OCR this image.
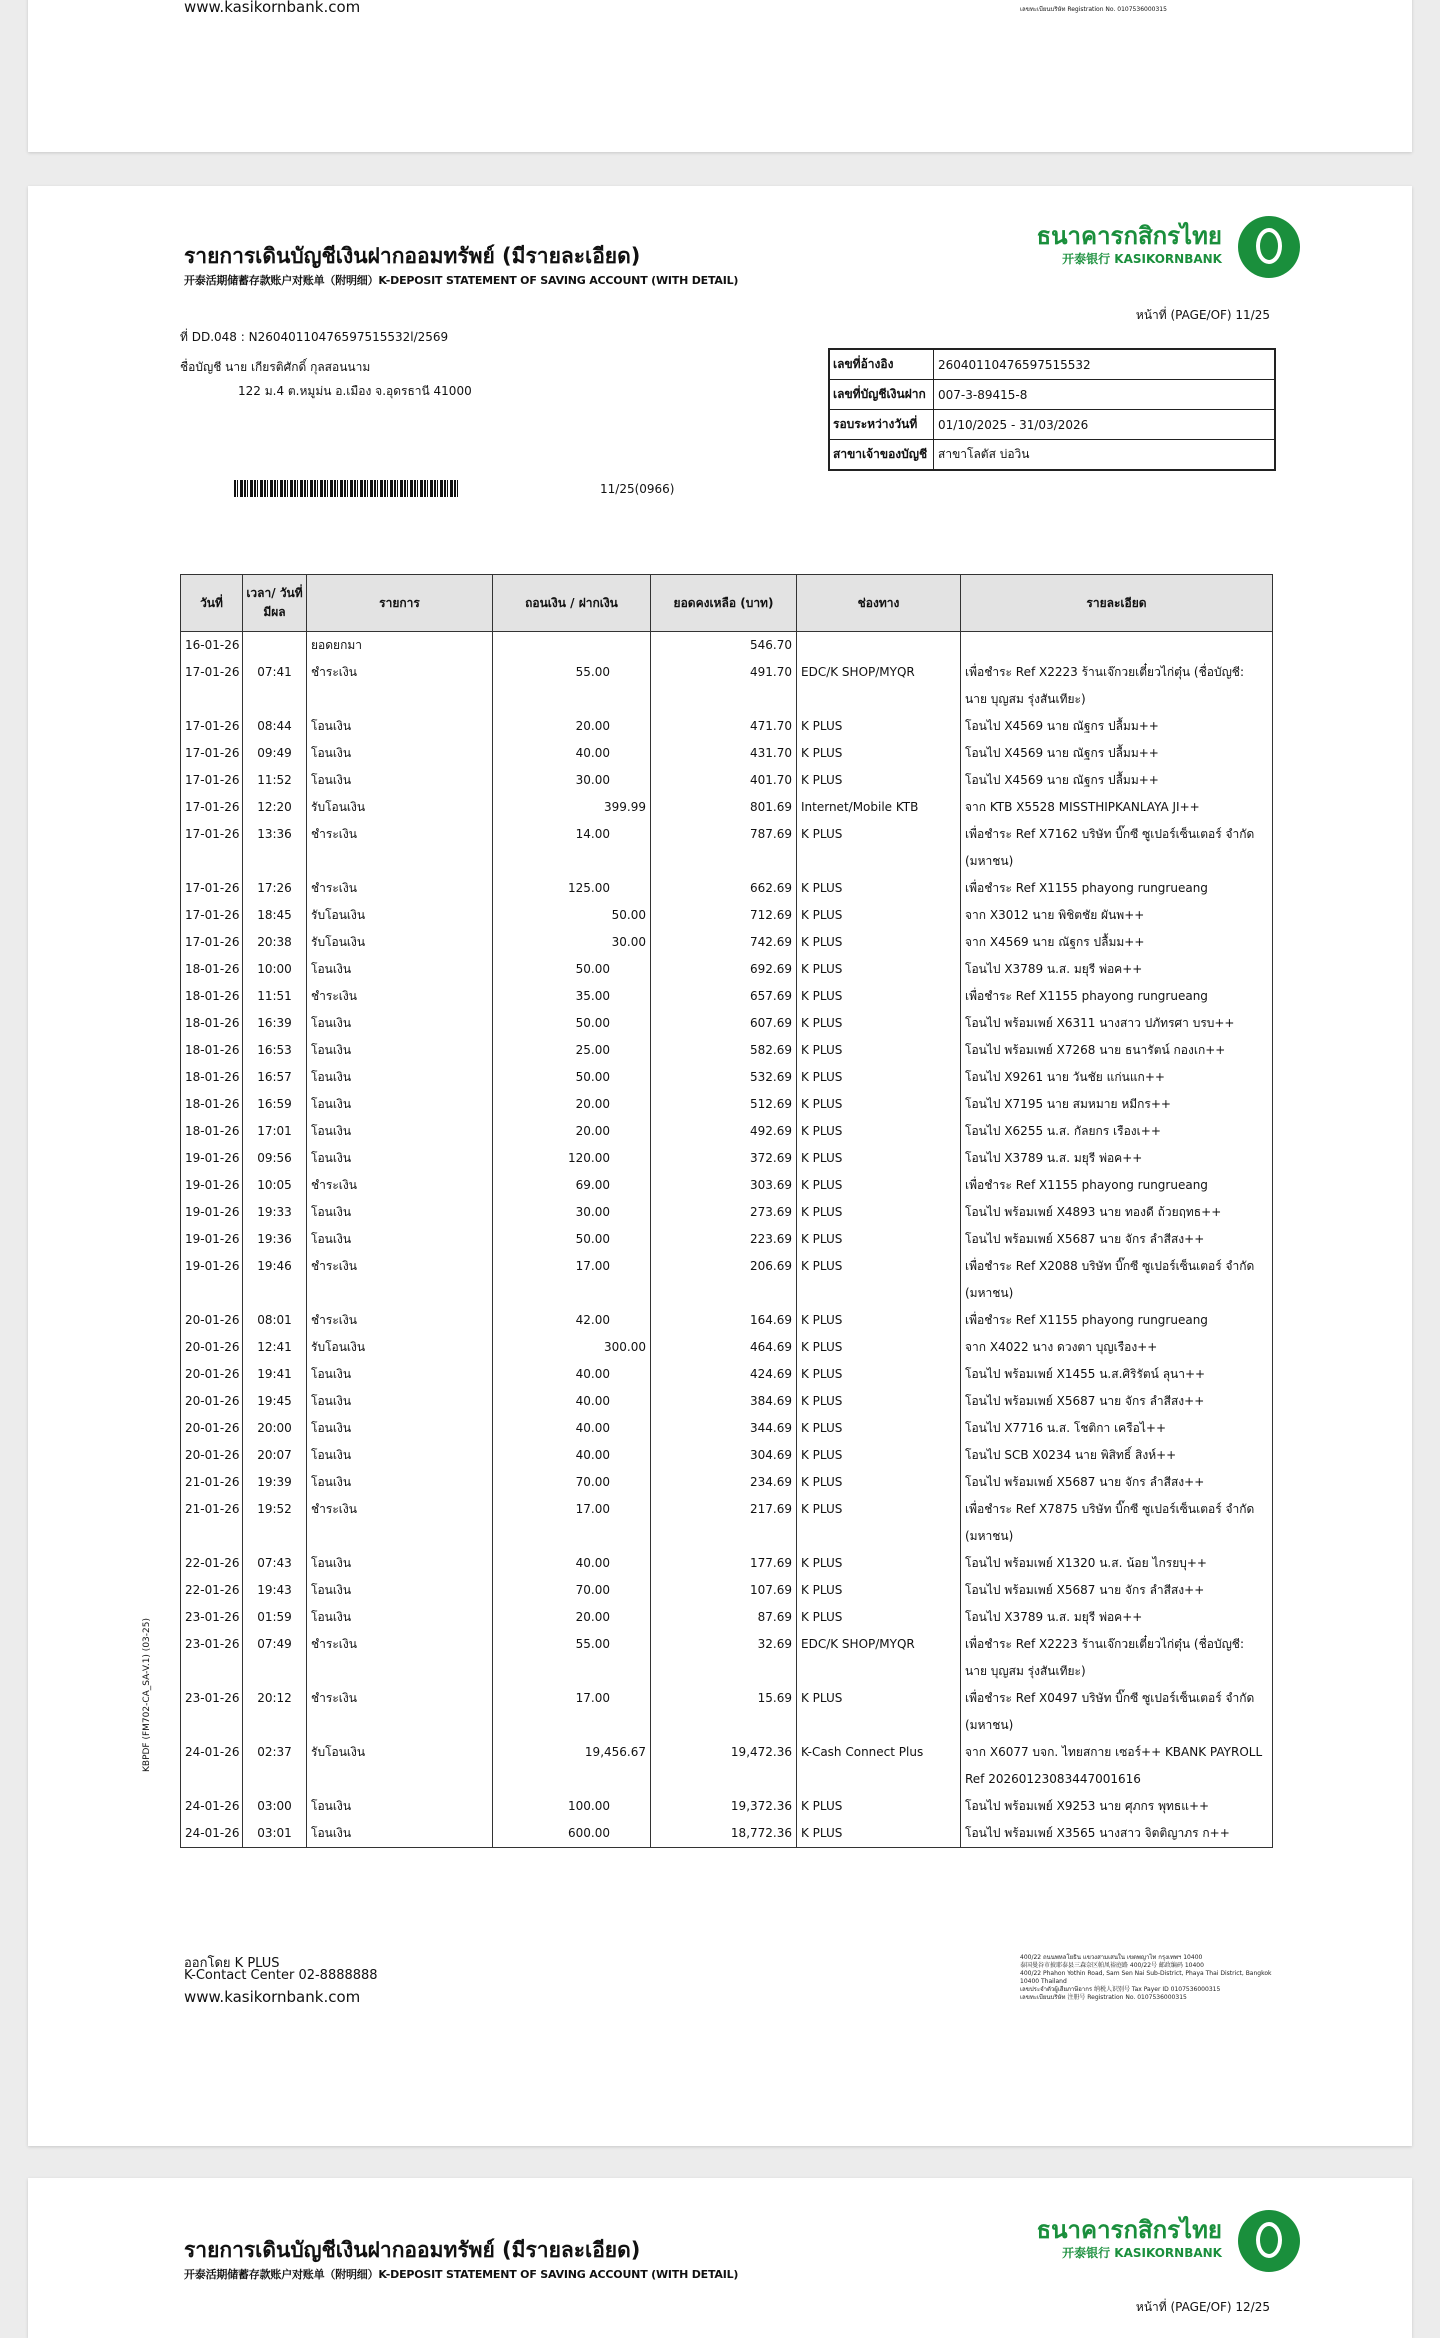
www.kasikornbank.com	เลขทะเบียนบริษัท Registration No. 0107536000315
รายการเดินบัญชีเงินฝากออมทรัพย์ (มีรายละเอียด)
开泰活期储蓄存款账户对账单（附明细）K-DEPOSIT STATEMENT OF SAVING ACCOUNT (WITH DETAIL)
ธนาคารกสิกรไทย
开泰银行 KASIKORNBANK
หน้าที่ (PAGE/OF) 11/25
ที่ DD.048 : N2604011047659751553​2l/2569
ชื่อบัญชี นาย เกียรติศักดิ์ กุลสอนนาม
122 ม.4 ต.หมูม่น อ.เมือง จ.อุดรธานี 41000
เลขที่อ้างอิง	26040110476597515532
เลขที่บัญชีเงินฝาก	007-3-89415-8
รอบระหว่างวันที่	01/10/2025 - 31/03/2026
สาขาเจ้าของบัญชี สาขาโลตัส บ่อวิน
11/25(0966)
วันที่	เวลา/ วันที่มีผล	รายการ	ถอนเงิน / ฝากเงิน	ยอดคงเหลือ (บาท)	ช่องทาง	รายละเอียด
16-01-26		ยอดยกมา		546.70		
17-01-26	07:41	ชำระเงิน	55.00	491.70	EDC/K SHOP/MYQR	เพื่อชำระ Ref X2223 ร้านเจ๊กวยเตี๋ยวไก่ตุ๋น (ชื่อบัญชี: นาย บุญสม รุ่งสันเทียะ)
17-01-26	08:44	โอนเงิน	20.00	471.70	K PLUS	โอนไป X4569 นาย ณัฐกร ปลื้มม++
17-01-26	09:49	โอนเงิน	40.00	431.70	K PLUS	โอนไป X4569 นาย ณัฐกร ปลื้มม++
17-01-26	11:52	โอนเงิน	30.00	401.70	K PLUS	โอนไป X4569 นาย ณัฐกร ปลื้มม++
17-01-26	12:20	รับโอนเงิน	399.99	801.69	Internet/Mobile KTB	จาก KTB X5528 MISSTHIPKANLAYA JI++
17-01-26	13:36	ชำระเงิน	14.00	787.69	K PLUS	เพื่อชำระ Ref X7162 บริษัท บิ๊กซี ซูเปอร์เซ็นเตอร์ จำกัด (มหาชน)
17-01-26	17:26	ชำระเงิน	125.00	662.69	K PLUS	เพื่อชำระ Ref X1155 phayong rungrueang
17-01-26	18:45	รับโอนเงิน	50.00	712.69	K PLUS	จาก X3012 นาย พิชิตชัย ผันพ++
17-01-26	20:38	รับโอนเงิน	30.00	742.69	K PLUS	จาก X4569 นาย ณัฐกร ปลื้มม++
18-01-26	10:00	โอนเงิน	50.00	692.69	K PLUS	โอนไป X3789 น.ส. มยุรี พ่อค++
18-01-26	11:51	ชำระเงิน	35.00	657.69	K PLUS	เพื่อชำระ Ref X1155 phayong rungrueang
18-01-26	16:39	โอนเงิน	50.00	607.69	K PLUS	โอนไป พร้อมเพย์ X6311 นางสาว ปภัทรศา บรบ++
18-01-26	16:53	โอนเงิน	25.00	582.69	K PLUS	โอนไป พร้อมเพย์ X7268 นาย ธนารัตน์ กองเก++
18-01-26	16:57	โอนเงิน	50.00	532.69	K PLUS	โอนไป X9261 นาย วันชัย แก่นแก++
18-01-26	16:59	โอนเงิน	20.00	512.69	K PLUS	โอนไป X7195 นาย สมหมาย หมีกร++
18-01-26	17:01	โอนเงิน	20.00	492.69	K PLUS	โอนไป X6255 น.ส. กัลยกร เรืองเ++
19-01-26	09:56	โอนเงิน	120.00	372.69	K PLUS	โอนไป X3789 น.ส. มยุรี พ่อค++
19-01-26	10:05	ชำระเงิน	69.00	303.69	K PLUS	เพื่อชำระ Ref X1155 phayong rungrueang
19-01-26	19:33	โอนเงิน	30.00	273.69	K PLUS	โอนไป พร้อมเพย์ X4893 นาย ทองดี ถ้วยฤทธ++
19-01-26	19:36	โอนเงิน	50.00	223.69	K PLUS	โอนไป พร้อมเพย์ X5687 นาย จักร ลำสีสง++
19-01-26	19:46	ชำระเงิน	17.00	206.69	K PLUS	เพื่อชำระ Ref X2088 บริษัท บิ๊กซี ซูเปอร์เซ็นเตอร์ จำกัด (มหาชน)
20-01-26	08:01	ชำระเงิน	42.00	164.69	K PLUS	เพื่อชำระ Ref X1155 phayong rungrueang
20-01-26	12:41	รับโอนเงิน	300.00	464.69	K PLUS	จาก X4022 นาง ดวงตา บุญเรือง++
20-01-26	19:41	โอนเงิน	40.00	424.69	K PLUS	โอนไป พร้อมเพย์ X1455 น.ส.ศิริรัตน์ ลุนา++
20-01-26	19:45	โอนเงิน	40.00	384.69	K PLUS	โอนไป พร้อมเพย์ X5687 นาย จักร ลำสีสง++
20-01-26	20:00	โอนเงิน	40.00	344.69	K PLUS	โอนไป X7716 น.ส. โชติกา เครือไ++
20-01-26	20:07	โอนเงิน	40.00	304.69	K PLUS	โอนไป SCB X0234 นาย พิสิทธิ์ สิงห์++
21-01-26	19:39	โอนเงิน	70.00	234.69	K PLUS	โอนไป พร้อมเพย์ X5687 นาย จักร ลำสีสง++
21-01-26	19:52	ชำระเงิน	17.00	217.69	K PLUS	เพื่อชำระ Ref X7875 บริษัท บิ๊กซี ซูเปอร์เซ็นเตอร์ จำกัด (มหาชน)
22-01-26	07:43	โอนเงิน	40.00	177.69	K PLUS	โอนไป พร้อมเพย์ X1320 น.ส. น้อย ไกรยบุ++
22-01-26	19:43	โอนเงิน	70.00	107.69	K PLUS	โอนไป พร้อมเพย์ X5687 นาย จักร ลำสีสง++
23-01-26	01:59	โอนเงิน	20.00	87.69	K PLUS	โอนไป X3789 น.ส. มยุรี พ่อค++
23-01-26	07:49	ชำระเงิน	55.00	32.69	EDC/K SHOP/MYQR	เพื่อชำระ Ref X2223 ร้านเจ๊กวยเตี๋ยวไก่ตุ๋น (ชื่อบัญชี: นาย บุญสม รุ่งสันเทียะ)
23-01-26	20:12	ชำระเงิน	17.00	15.69	K PLUS	เพื่อชำระ Ref X0497 บริษัท บิ๊กซี ซูเปอร์เซ็นเตอร์ จำกัด (มหาชน)
24-01-26	02:37	รับโอนเงิน	19,456.67	19,472.36	K-Cash Connect Plus	จาก X6077 บจก. ไทยสกาย เซอร์++ KBANK PAYROLL Ref 20260123083447001616
24-01-26	03:00	โอนเงิน	100.00	19,372.36	K PLUS	โอนไป พร้อมเพย์ X9253 นาย ศุภกร พุทธแ++
24-01-26	03:01	โอนเงิน	600.00	18,772.36	K PLUS	โอนไป พร้อมเพย์ X3565 นางสาว จิตติญาภร ก++
KBPDF (FM702-CA_SA-V.1) (03-25)
ออกโดย K PLUS
K-Contact Center 02-8888888
www.kasikornbank.com
400/22 ถนนพหลโยธิน แขวงสามเสนใน เขตพญาไท กรุงเทพฯ 10400
泰国曼谷市披耶泰县三森奈区帕凤裕庭路 400/22号 邮政编码 10400
400/22 Phahon Yothin Road, Sam Sen Nai Sub-District, Phaya Thai District, Bangkok 10400 Thailand
เลขประจำตัวผู้เสียภาษีอากร 纳税人识别号 Tax Payer ID 0107536000315
เลขทะเบียนบริษัท 注册号 Registration No. 0107536000315
ธนาคารกสิกรไทย
开泰银行 KASIKORNBANK
รายการเดินบัญชีเงินฝากออมทรัพย์ (มีรายละเอียด)
开泰活期储蓄存款账户对账单（附明细）K-DEPOSIT STATEMENT OF SAVING ACCOUNT (WITH DETAIL)
หน้าที่ (PAGE/OF) 12/25
